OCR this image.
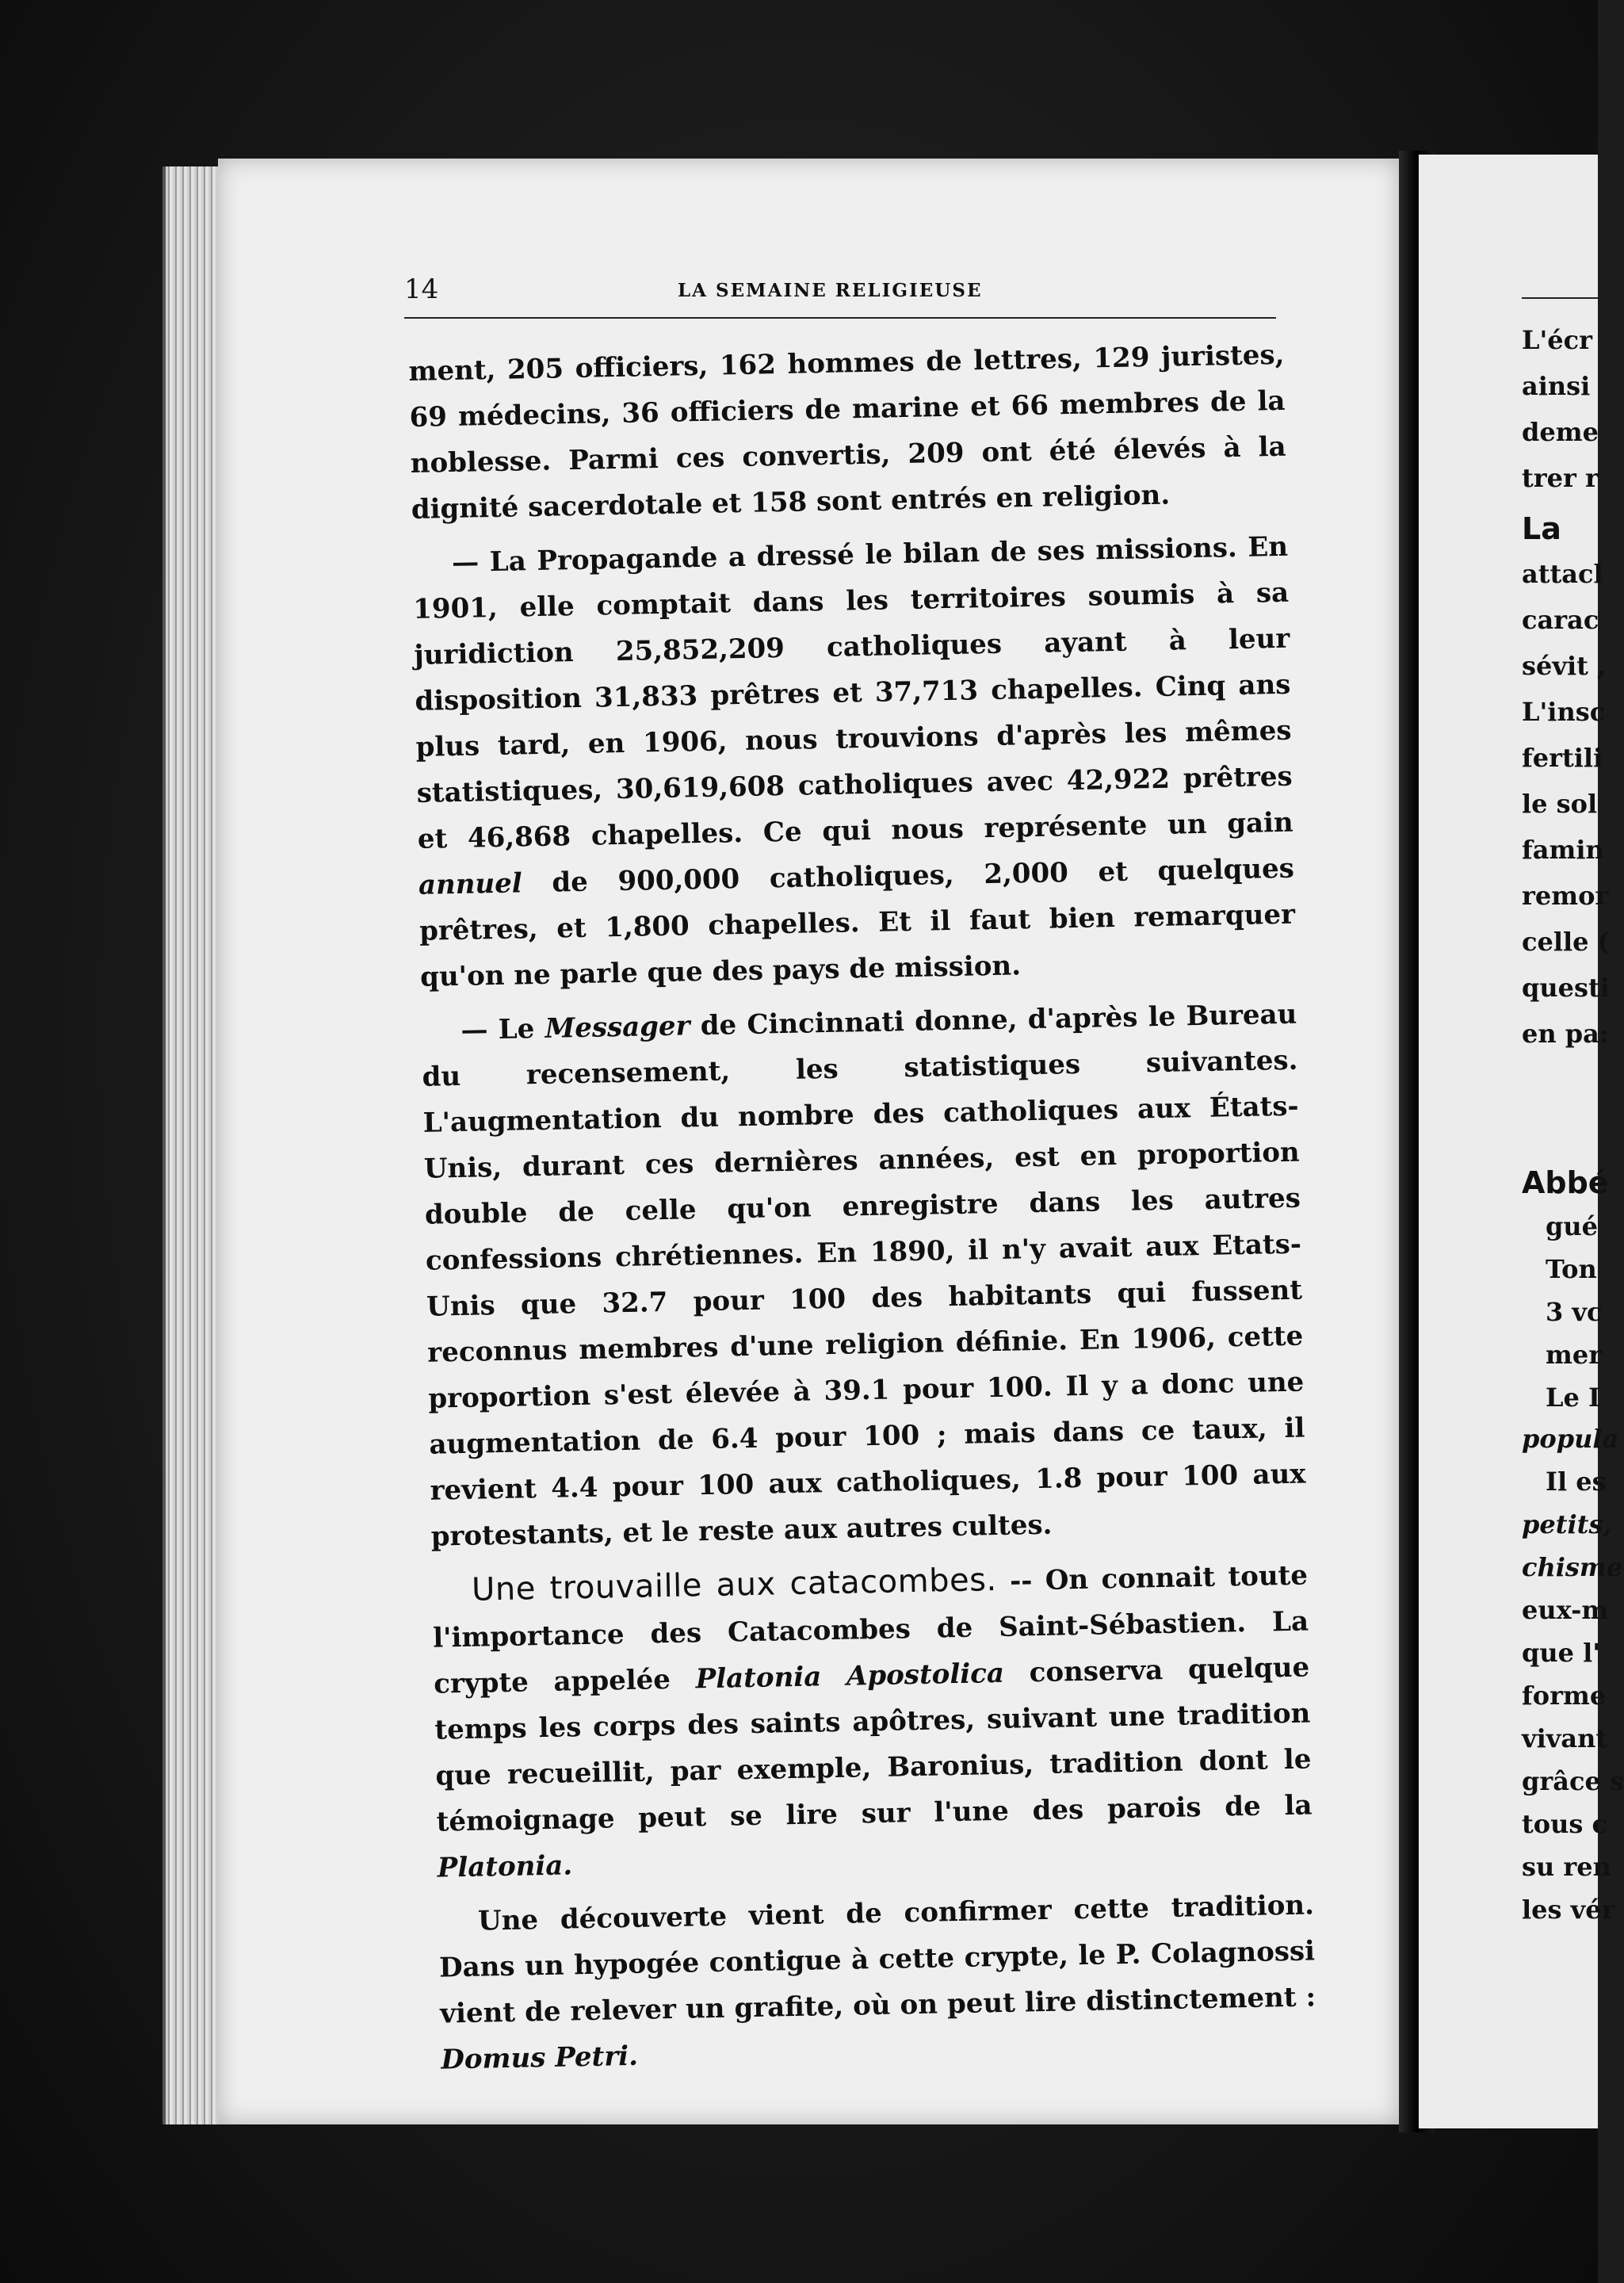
14	LA SEMAINE RELIGIEUSE

ment, 205 officiers, 162 hommes de lettres, 129 juristes, 69 médecins, 36 officiers de marine et 66 membres de la noblesse. Parmi ces convertis, 209 ont été élevés à la dignité sacerdotale et 158 sont entrés en religion.

— La Propagande a dressé le bilan de ses missions. En 1901, elle comptait dans les territoires soumis à sa juridiction 25,852,209 catholiques ayant à leur disposition 31,833 prêtres et 37,713 chapelles. Cinq ans plus tard, en 1906, nous trouvions d'après les mêmes statistiques, 30,619,608 catholiques avec 42,922 prêtres et 46,868 chapelles. Ce qui nous représente un gain annuel de 900,000 catholiques, 2,000 et quelques prêtres, et 1,800 chapelles. Et il faut bien remarquer qu'on ne parle que des pays de mission.

— Le Messager de Cincinnati donne, d'après le Bureau du recensement, les statistiques suivantes. L'augmentation du nombre des catholiques aux États-Unis, durant ces dernières années, est en proportion double de celle qu'on enregistre dans les autres confessions chrétiennes. En 1890, il n'y avait aux Etats-Unis que 32.7 pour 100 des habitants qui fussent reconnus membres d'une religion définie. En 1906, cette proportion s'est élevée à 39.1 pour 100. Il y a donc une augmentation de 6.4 pour 100 ; mais dans ce taux, il revient 4.4 pour 100 aux catholiques, 1.8 pour 100 aux protestants, et le reste aux autres cultes.

Une trouvaille aux catacombes. -- On connait toute l'importance des Catacombes de Saint-Sébastien. La crypte appelée Platonia Apostolica conserva quelque temps les corps des saints apôtres, suivant une tradition que recueillit, par exemple, Baronius, tradition dont le témoignage peut se lire sur l'une des parois de la Platonia.

Une découverte vient de confirmer cette tradition. Dans un hypogée contigue à cette crypte, le P. Colagnossi vient de relever un grafite, où on peut lire distinctement : Domus Petri.

L'écr
ainsi
deme
trer r
La
attacl
carac
sévit ,
L'insc
fertili
le sol
famin
remor
celle (
questi
en pa:
Abbé
gué
Ton
3 vc
mer
Le I
popula
Il es
petits,
chisme
eux-m
que l'
forme
vivant
grâce s
tous c
su ren
les vér
